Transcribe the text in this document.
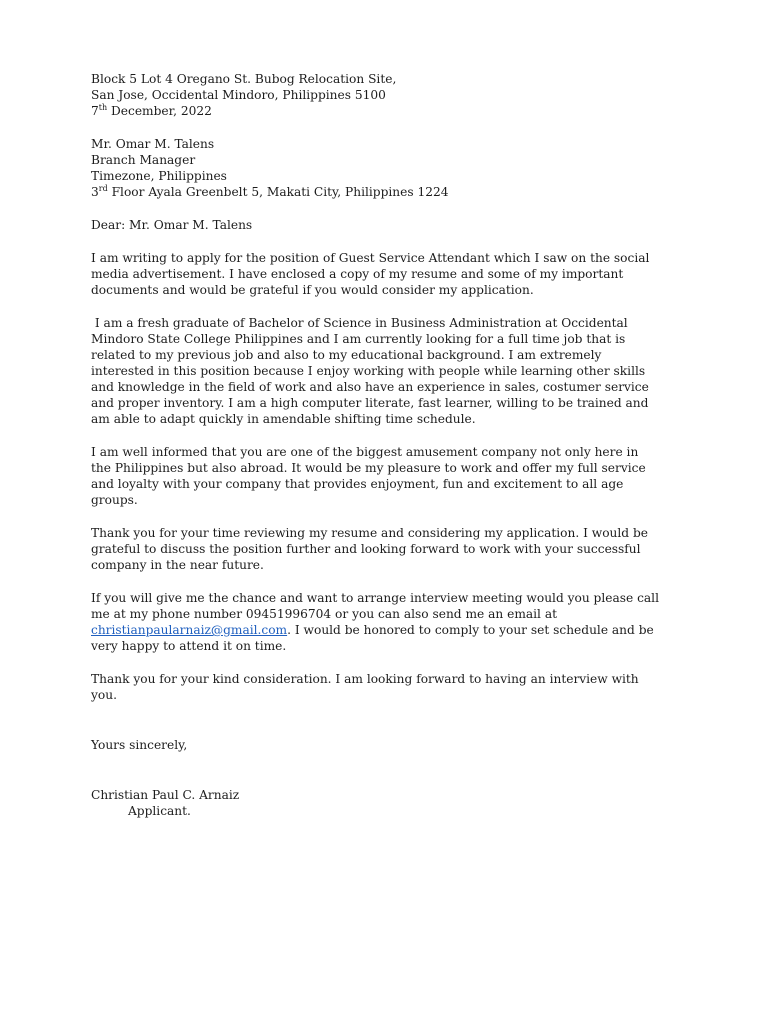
Block 5 Lot 4 Oregano St. Bubog Relocation Site,
San Jose, Occidental Mindoro, Philippines 5100
7th December, 2022
Mr. Omar M. Talens
Branch Manager
Timezone, Philippines
3rd Floor Ayala Greenbelt 5, Makati City, Philippines 1224
Dear: Mr. Omar M. Talens
I am writing to apply for the position of Guest Service Attendant which I saw on the social
media advertisement. I have enclosed a copy of my resume and some of my important
documents and would be grateful if you would consider my application.
I am a fresh graduate of Bachelor of Science in Business Administration at Occidental
Mindoro State College Philippines and I am currently looking for a full time job that is
related to my previous job and also to my educational background. I am extremely
interested in this position because I enjoy working with people while learning other skills
and knowledge in the field of work and also have an experience in sales, costumer service
and proper inventory. I am a high computer literate, fast learner, willing to be trained and
am able to adapt quickly in amendable shifting time schedule.
I am well informed that you are one of the biggest amusement company not only here in
the Philippines but also abroad. It would be my pleasure to work and offer my full service
and loyalty with your company that provides enjoyment, fun and excitement to all age
groups.
Thank you for your time reviewing my resume and considering my application. I would be
grateful to discuss the position further and looking forward to work with your successful
company in the near future.
If you will give me the chance and want to arrange interview meeting would you please call
me at my phone number 09451996704 or you can also send me an email at
christianpaularnaiz@gmail.com. I would be honored to comply to your set schedule and be
very happy to attend it on time.
Thank you for your kind consideration. I am looking forward to having an interview with
you.
Yours sincerely,
Christian Paul C. Arnaiz
Applicant.
